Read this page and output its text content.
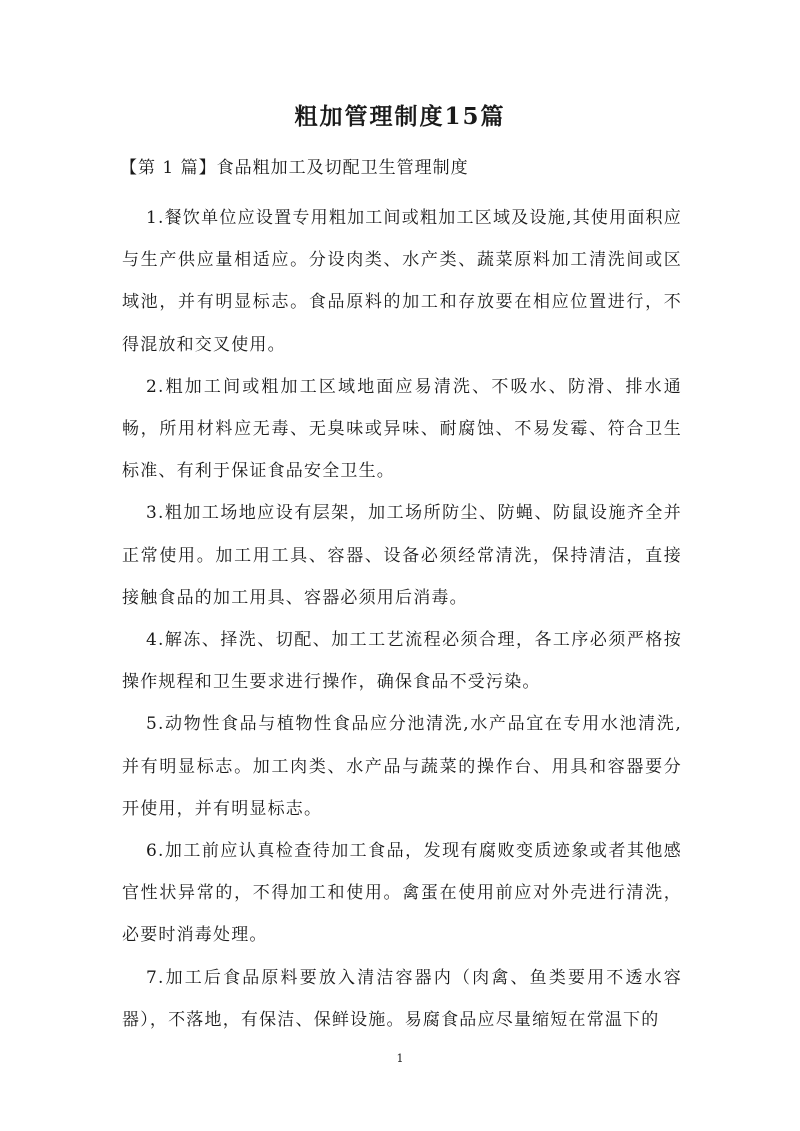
粗加管理制度15篇
【第 1 篇】食品粗加工及切配卫生管理制度

1.餐饮单位应设置专用粗加工间或粗加工区域及设施,其使用面积应与生产供应量相适应。分设肉类、水产类、蔬菜原料加工清洗间或区域池，并有明显标志。食品原料的加工和存放要在相应位置进行，不得混放和交叉使用。

2.粗加工间或粗加工区域地面应易清洗、不吸水、防滑、排水通畅，所用材料应无毒、无臭味或异味、耐腐蚀、不易发霉、符合卫生标准、有利于保证食品安全卫生。

3.粗加工场地应设有层架，加工场所防尘、防蝇、防鼠设施齐全并正常使用。加工用工具、容器、设备必须经常清洗，保持清洁，直接接触食品的加工用具、容器必须用后消毒。

4.解冻、择洗、切配、加工工艺流程必须合理，各工序必须严格按操作规程和卫生要求进行操作，确保食品不受污染。

5.动物性食品与植物性食品应分池清洗,水产品宜在专用水池清洗,并有明显标志。加工肉类、水产品与蔬菜的操作台、用具和容器要分开使用，并有明显标志。

6.加工前应认真检查待加工食品，发现有腐败变质迹象或者其他感官性状异常的，不得加工和使用。禽蛋在使用前应对外壳进行清洗，必要时消毒处理。

7.加工后食品原料要放入清洁容器内（肉禽、鱼类要用不透水容器），不落地，有保洁、保鲜设施。易腐食品应尽量缩短在常温下的

1
